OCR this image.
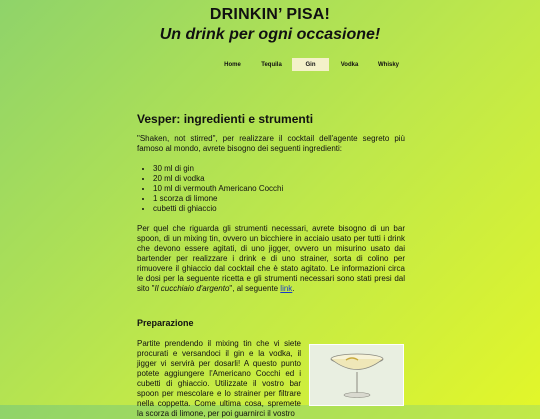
DRINKIN’ PISA!
Un drink per ogni occasione!
Home	Tequila	Gin	Vodka	Whisky
Vesper: ingredienti e strumenti

"Shaken, not stirred", per realizzare il cocktail dell'agente segreto più famoso al mondo, avrete bisogno dei seguenti ingredienti:

• 30 ml di gin
• 20 ml di vodka
• 10 ml di vermouth Americano Cocchi
• 1 scorza di limone
• cubetti di ghiaccio

Per quel che riguarda gli strumenti necessari, avrete bisogno di un bar spoon, di un mixing tin, ovvero un bicchiere in acciaio usato per tutti i drink che devono essere agitati, di uno jigger, ovvero un misurino usato dai bartender per realizzare i drink e di uno strainer, sorta di colino per rimuovere il ghiaccio dal cocktail che è stato agitato. Le informazioni circa le dosi per la seguente ricetta e gli strumenti necessari sono stati presi dal sito "Il cucchiaio d'argento", al seguente link.

Preparazione

Partite prendendo il mixing tin che vi siete procurati e versandoci il gin e la vodka, il jigger vi servirà per dosarli! A questo punto potete aggiungere l'Americano Cocchi ed i cubetti di ghiaccio. Utilizzate il vostro bar spoon per mescolare e lo strainer per filtrare nella coppetta. Come ultima cosa, spremete la scorza di limone, per poi guarnirci il vostro
